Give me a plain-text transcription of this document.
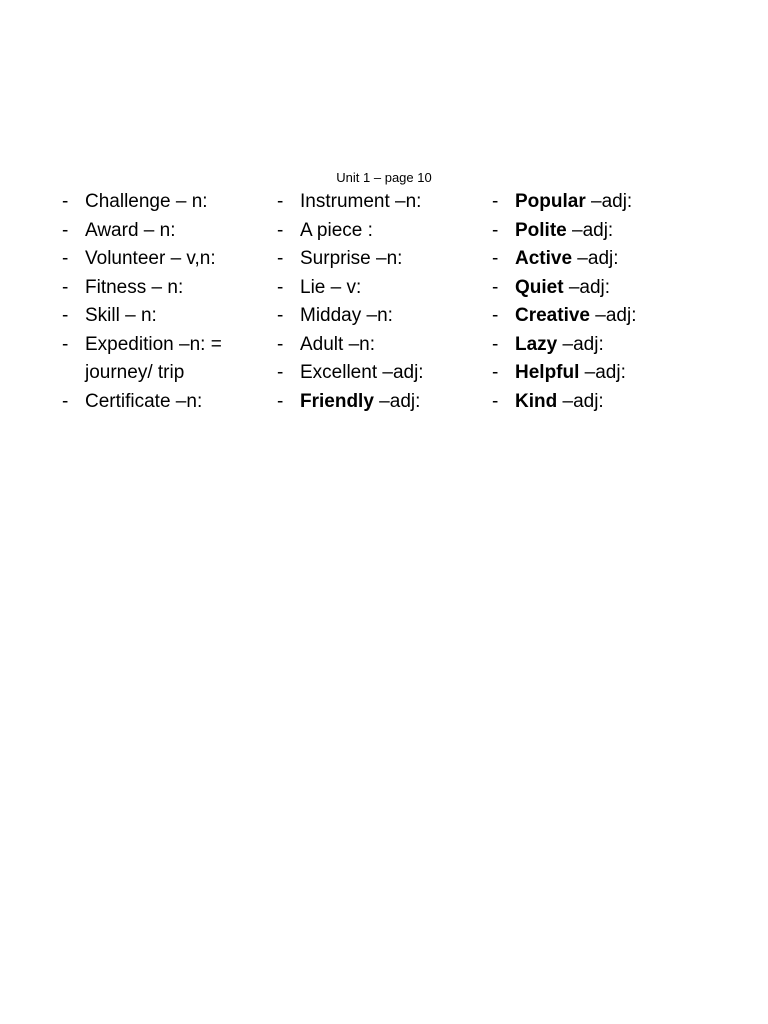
Unit 1 – page 10
- Challenge – n:
- Award – n:
- Volunteer – v,n:
- Fitness – n:
- Skill – n:
- Expedition –n: =
journey/ trip
- Certificate –n:
- Instrument –n:
- A piece :
- Surprise –n:
- Lie – v:
- Midday –n:
- Adult –n:
- Excellent –adj:
- Friendly –adj:
- Popular –adj:
- Polite –adj:
- Active –adj:
- Quiet –adj:
- Creative –adj:
- Lazy –adj:
- Helpful –adj:
- Kind –adj:
